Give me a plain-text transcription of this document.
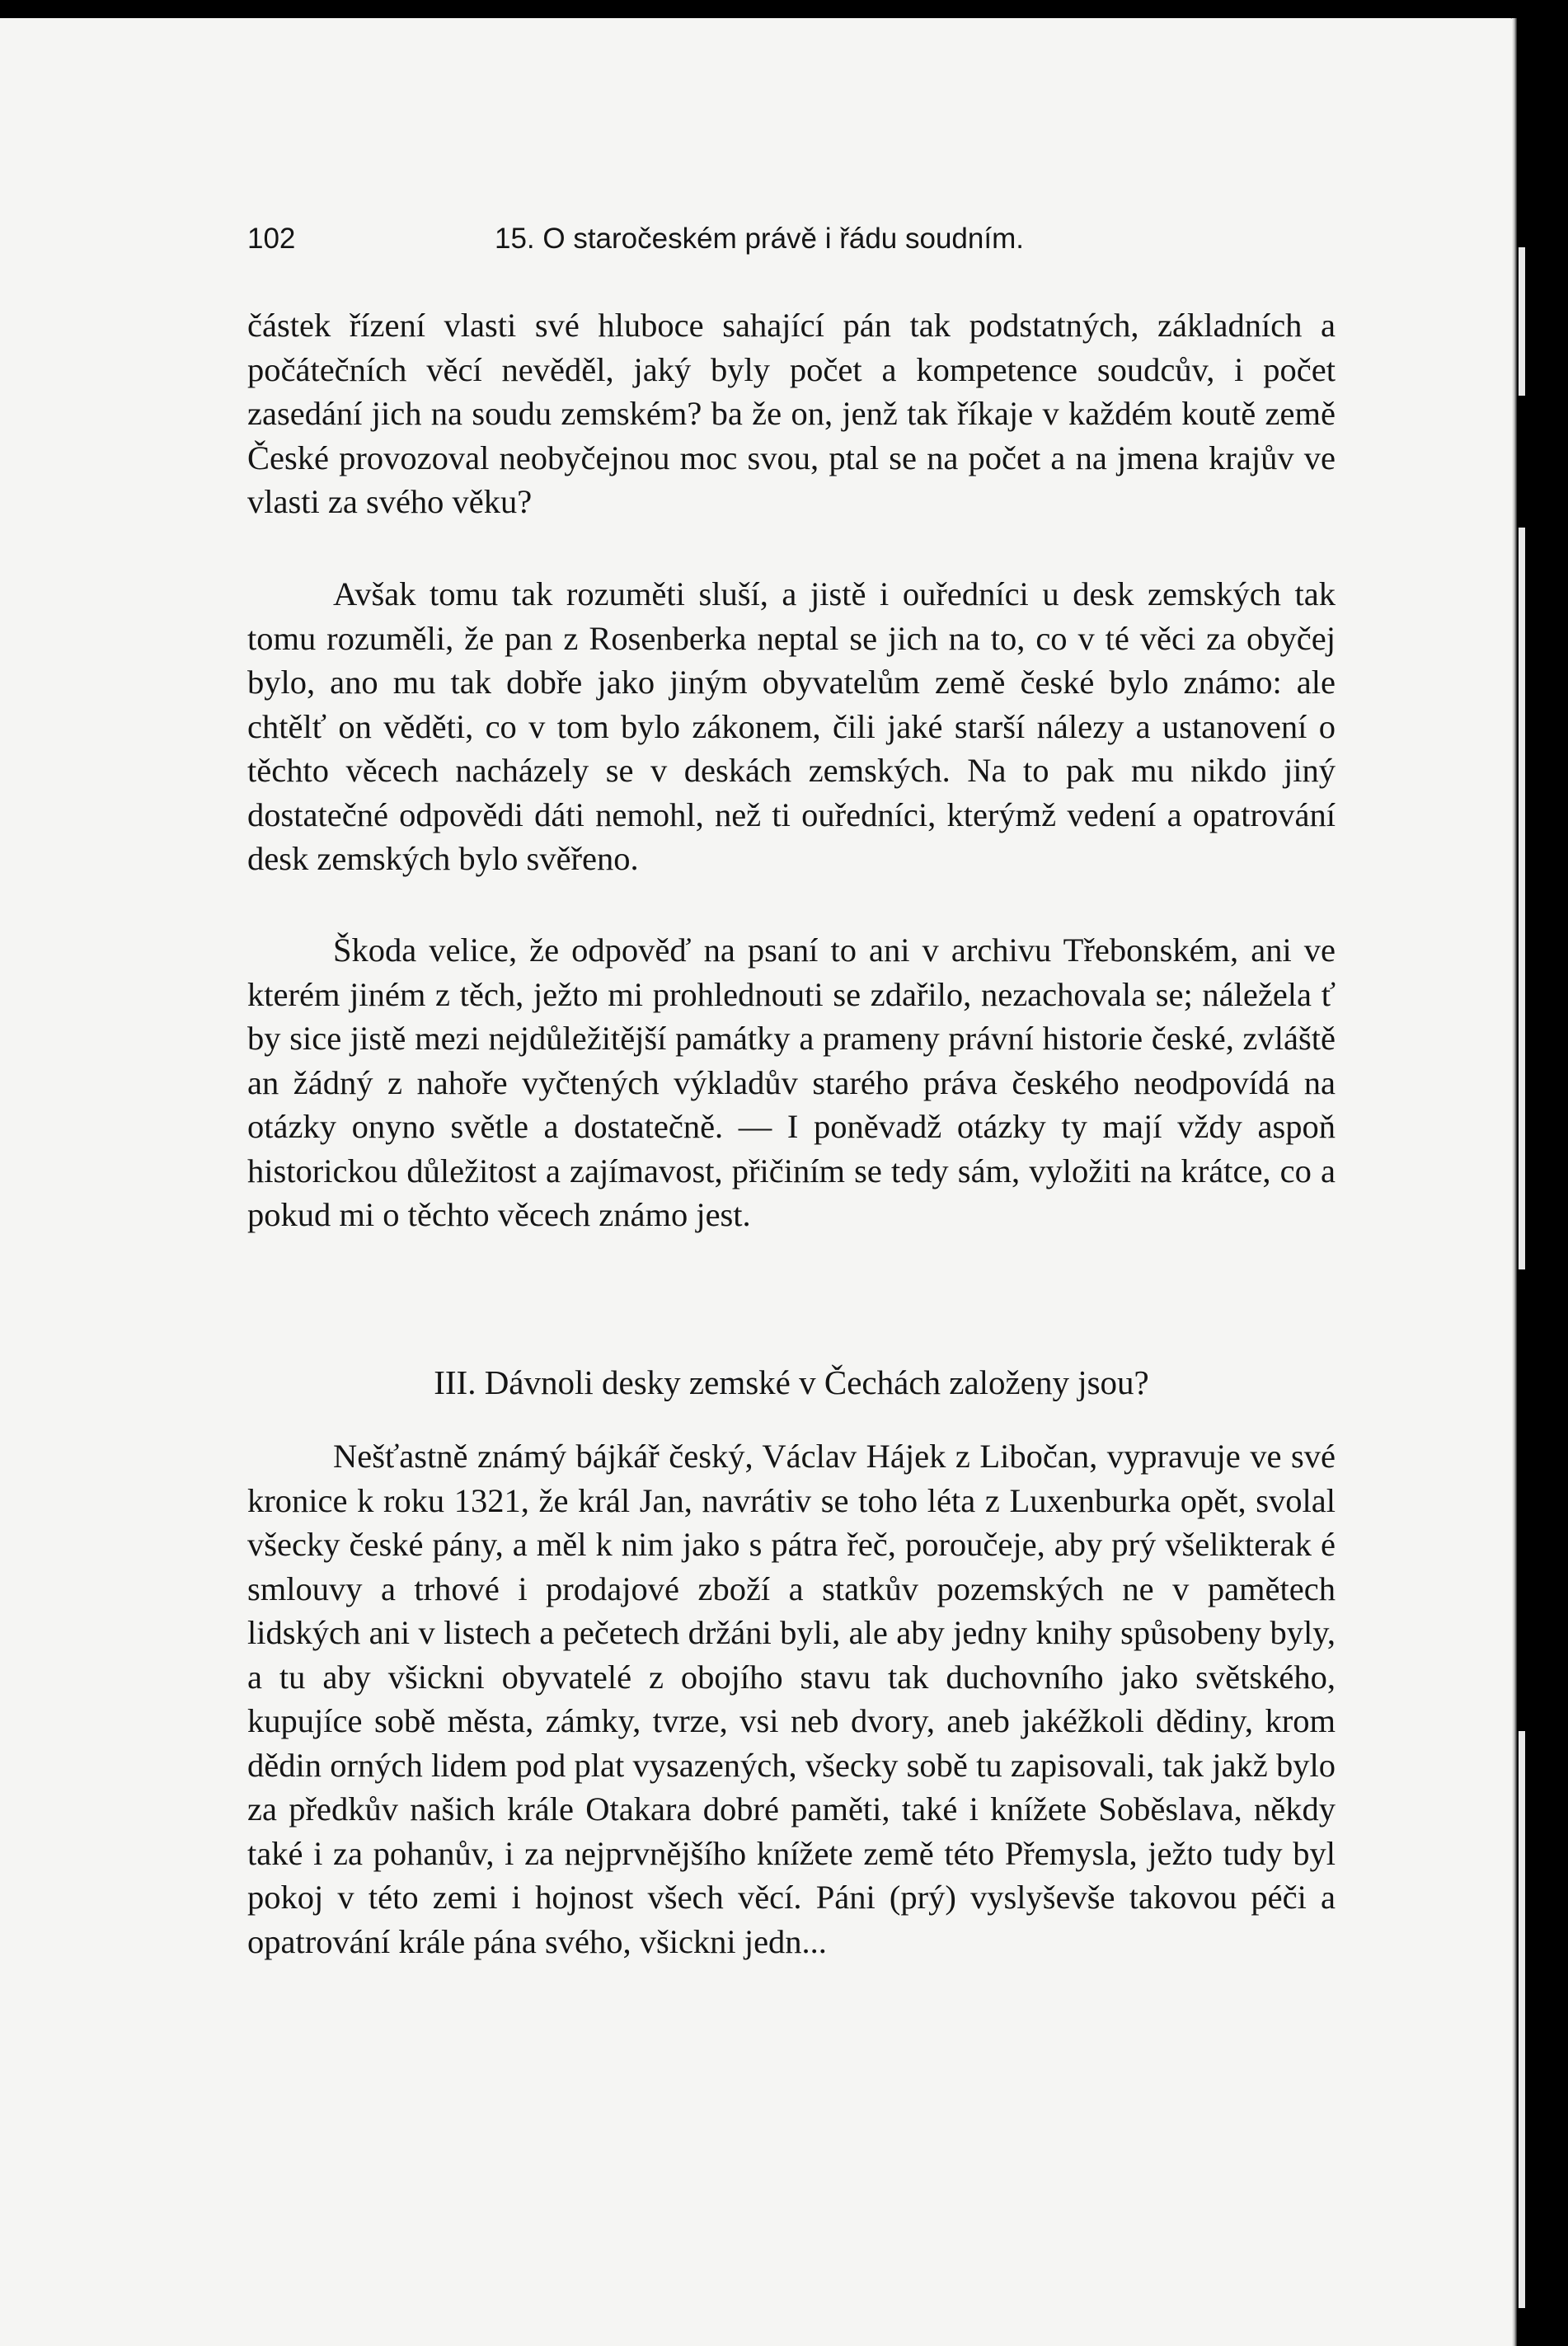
102	15. O staročeském právě i řádu soudním.

částek řízení vlasti své hluboce sahající pán tak podstatných, základních a počátečních věcí nevěděl, jaký byly počet a kompetence soudcův, i počet zasedání jich na soudu zemském? ba že on, jenž tak říkaje v každém koutě země České provozoval neobyčejnou moc svou, ptal se na počet a na jmena krajův ve vlasti za svého věku?

Avšak tomu tak rozuměti sluší, a jistě i ouředníci u desk zemských tak tomu rozuměli, že pan z Rosenberka neptal se jich na to, co v té věci za obyčej bylo, ano mu tak dobře jako jiným obyvatelům země české bylo známo: ale chtělť on věděti, co v tom bylo zákonem, čili jaké starší nálezy a ustanovení o těchto věcech nacházely se v deskách zemských. Na to pak mu nikdo jiný dostatečné odpovědi dáti nemohl, než ti ouředníci, kterýmž vedení a opatrování desk zemských bylo svěřeno.

Škoda velice, že odpověď na psaní to ani v archivu Třebonském, ani ve kterém jiném z těch, ježto mi prohlednouti se zdařilo, nezachovala se; náležela ť by sice jistě mezi nejdůležitější památky a prameny právní historie české, zvláště an žádný z nahoře vyčtených výkladův starého práva českého neodpovídá na otázky onyno světle a dostatečně. — I poněvadž otázky ty mají vždy aspoň historickou důležitost a zajímavost, přičiním se tedy sám, vyložiti na krátce, co a pokud mi o těchto věcech známo jest.

III. Dávnoli desky zemské v Čechách založeny jsou?

Nešťastně známý bájkář český, Václav Hájek z Libočan, vypravuje ve své kronice k roku 1321, že král Jan, navrátiv se toho léta z Luxenburka opět, svolal všecky české pány, a měl k nim jako s pátra řeč, poroučeje, aby prý všelikterak é smlouvy a trhové i prodajové zboží a statkův pozemských ne v pamětech lidských ani v listech a pečetech držáni byli, ale aby jedny knihy spůsobeny byly, a tu aby všickni obyvatelé z obojího stavu tak duchovního jako světského, kupujíce sobě města, zámky, tvrze, vsi neb dvory, aneb jakéžkoli dědiny, krom dědin orných lidem pod plat vysazených, všecky sobě tu zapisovali, tak jakž bylo za předkův našich krále Otakara dobré paměti, také i knížete Soběslava, někdy také i za pohanův, i za nejprvnějšího knížete země této Přemysla, ježto tudy byl pokoj v této zemi i hojnost všech věcí. Páni (prý) vyslyševše takovou péči a opatrování krále pána svého, všickni jedn...
